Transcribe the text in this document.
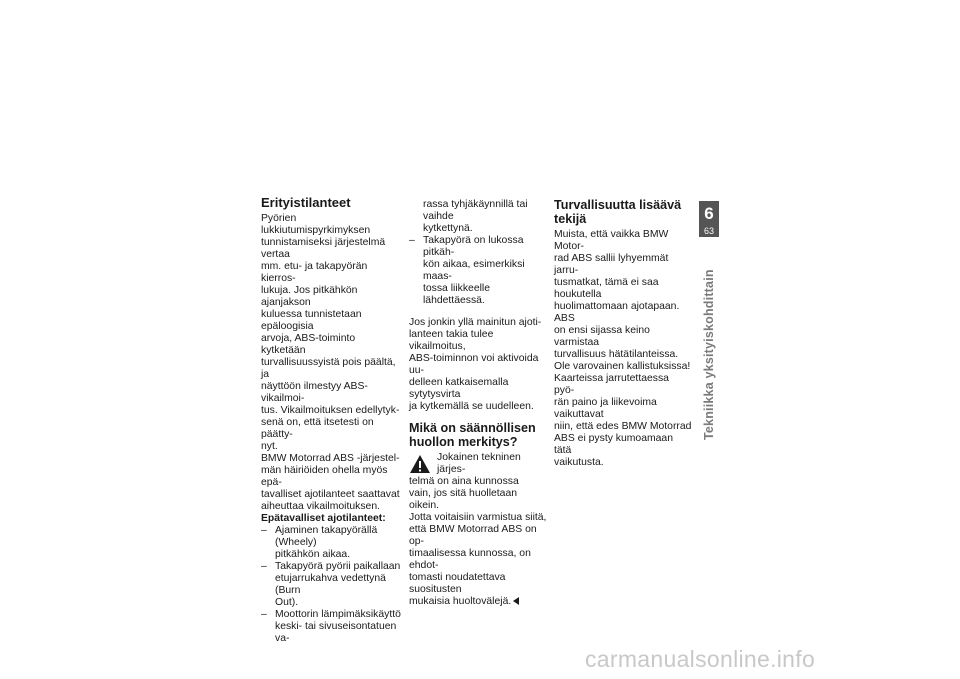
Erityistilanteet

Pyörien lukkiutumispyrkimyksen
tunnistamiseksi järjestelmä vertaa
mm. etu- ja takapyörän kierros-
lukuja. Jos pitkähkön ajanjakson
kuluessa tunnistetaan epäloogisia
arvoja, ABS-toiminto kytketään
turvallisuussyistä pois päältä, ja
näyttöön ilmestyy ABS-vikailmoi-
tus. Vikailmoituksen edellytyk-
senä on, että itsetesti on päätty-
nyt.

BMW Motorrad ABS -järjestel-
män häiriöiden ohella myös epä-
tavalliset ajotilanteet saattavat
aiheuttaa vikailmoituksen.

Epätavalliset ajotilanteet:

– Ajaminen takapyörällä (Wheely)
pitkähkön aikaa.
– Takapyörä pyörii paikallaan
etujarrukahva vedettynä (Burn
Out).
– Moottorin lämpimäksikäyttö
keski- tai sivuseisontatuen va-

rassa tyhjäkäynnillä tai vaihde
kytkettynä.

– Takapyörä on lukossa pitkäh-
kön aikaa, esimerkiksi maas-
tossa liikkeelle lähdettäessä.

Jos jonkin yllä mainitun ajoti-
lanteen takia tulee vikailmoitus,
ABS-toiminnon voi aktivoida uu-
delleen katkaisemalla sytytysvirta
ja kytkemällä se uudelleen.

Mikä on säännöllisen
huollon merkitys?
Jokainen tekninen järjes-
telmä on aina kunnossa

vain, jos sitä huolletaan oikein.
Jotta voitaisiin varmistua siitä,
että BMW Motorrad ABS on op-
timaalisessa kunnossa, on ehdot-
tomasti noudatettava suositusten
mukaisia huoltovälejä.

Turvallisuutta lisäävä
tekijä

Muista, että vaikka BMW Motor-
rad ABS sallii lyhyemmät jarru-
tusmatkat, tämä ei saa houkutella
huolimattomaan ajotapaan. ABS
on ensi sijassa keino varmistaa
turvallisuus hätätilanteissa.

Ole varovainen kallistuksissa!
Kaarteissa jarrutettaessa pyö-
rän paino ja liikevoima vaikuttavat
niin, että edes BMW Motorrad
ABS ei pysty kumoamaan tätä
vaikutusta.

6
63
Tekniikka yksityiskohdittain
carmanualsonline.info
